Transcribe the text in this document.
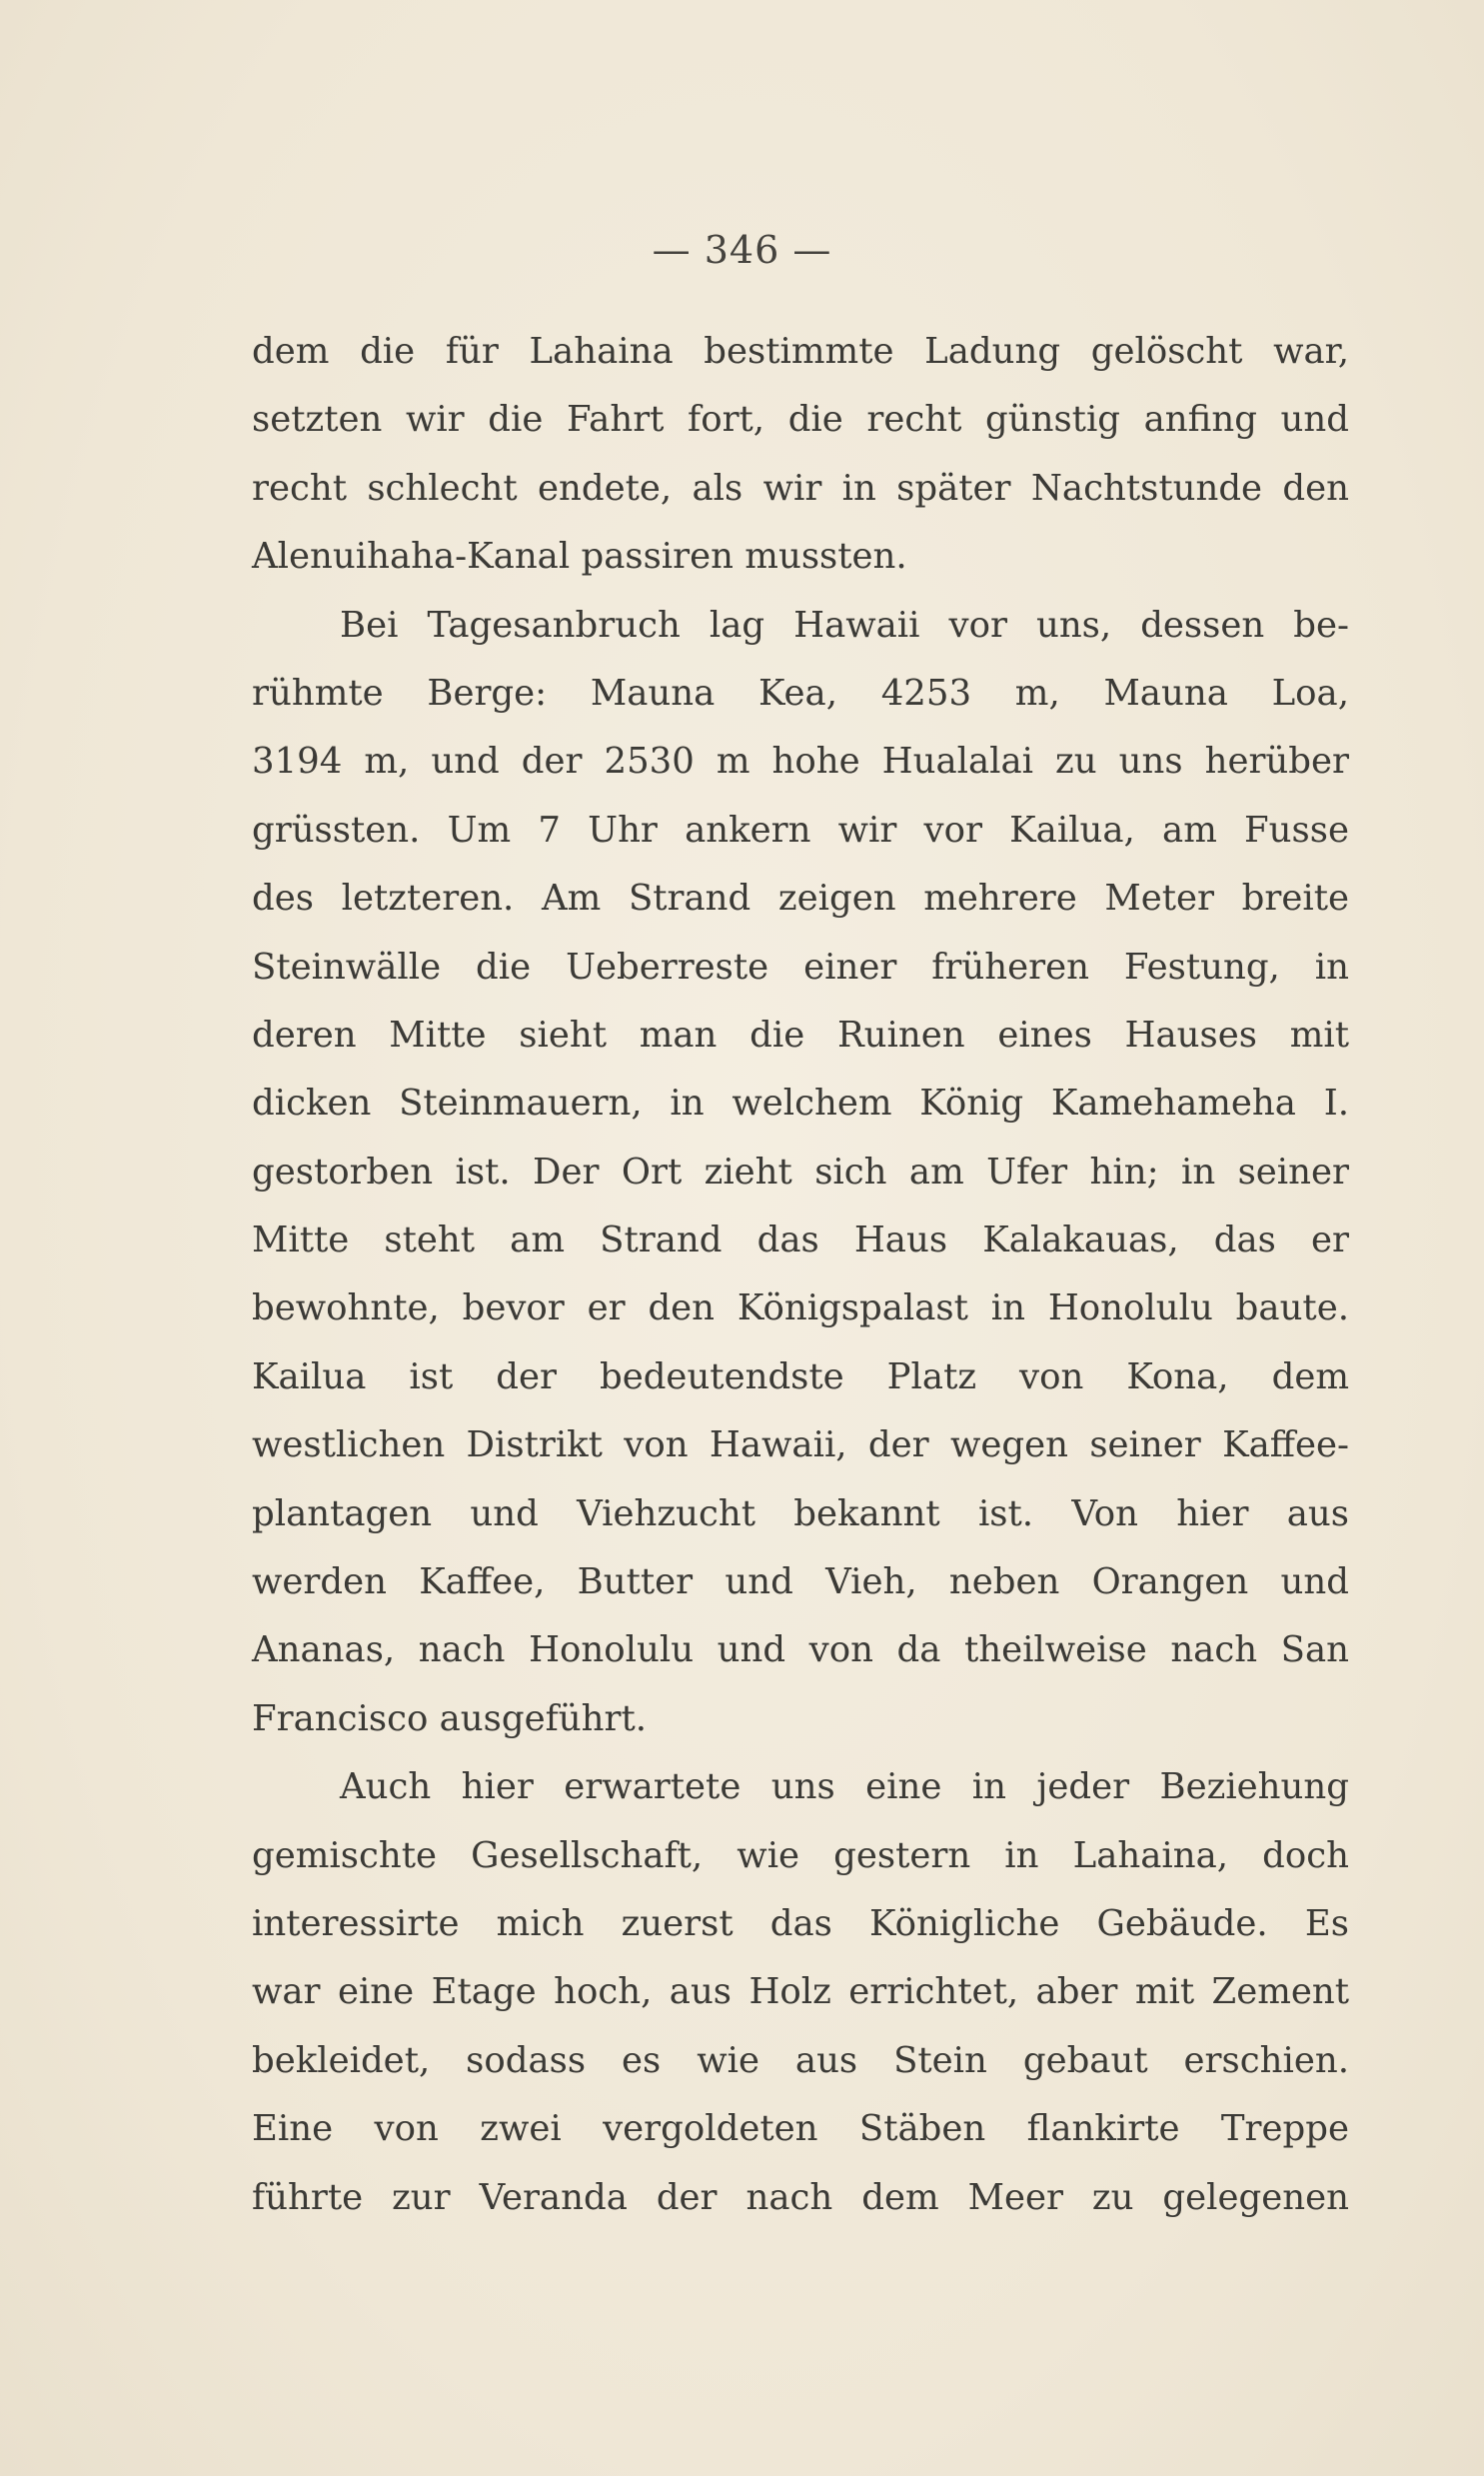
— 346 —
dem die für Lahaina bestimmte Ladung gelöscht war,
setzten wir die Fahrt fort, die recht günstig anfing und
recht schlecht endete, als wir in später Nachtstunde den
Alenuihaha-Kanal passiren mussten.
Bei Tagesanbruch lag Hawaii vor uns, dessen be-
rühmte Berge: Mauna Kea, 4253 m, Mauna Loa,
3194 m, und der 2530 m hohe Hualalai zu uns herüber
grüssten. Um 7 Uhr ankern wir vor Kailua, am Fusse
des letzteren. Am Strand zeigen mehrere Meter breite
Steinwälle die Ueberreste einer früheren Festung, in
deren Mitte sieht man die Ruinen eines Hauses mit
dicken Steinmauern, in welchem König Kamehameha I.
gestorben ist. Der Ort zieht sich am Ufer hin; in seiner
Mitte steht am Strand das Haus Kalakauas, das er
bewohnte, bevor er den Königspalast in Honolulu baute.
Kailua ist der bedeutendste Platz von Kona, dem
westlichen Distrikt von Hawaii, der wegen seiner Kaffee-
plantagen und Viehzucht bekannt ist. Von hier aus
werden Kaffee, Butter und Vieh, neben Orangen und
Ananas, nach Honolulu und von da theilweise nach San
Francisco ausgeführt.
Auch hier erwartete uns eine in jeder Beziehung
gemischte Gesellschaft, wie gestern in Lahaina, doch
interessirte mich zuerst das Königliche Gebäude. Es
war eine Etage hoch, aus Holz errichtet, aber mit Zement
bekleidet, sodass es wie aus Stein gebaut erschien.
Eine von zwei vergoldeten Stäben flankirte Treppe
führte zur Veranda der nach dem Meer zu gelegenen
